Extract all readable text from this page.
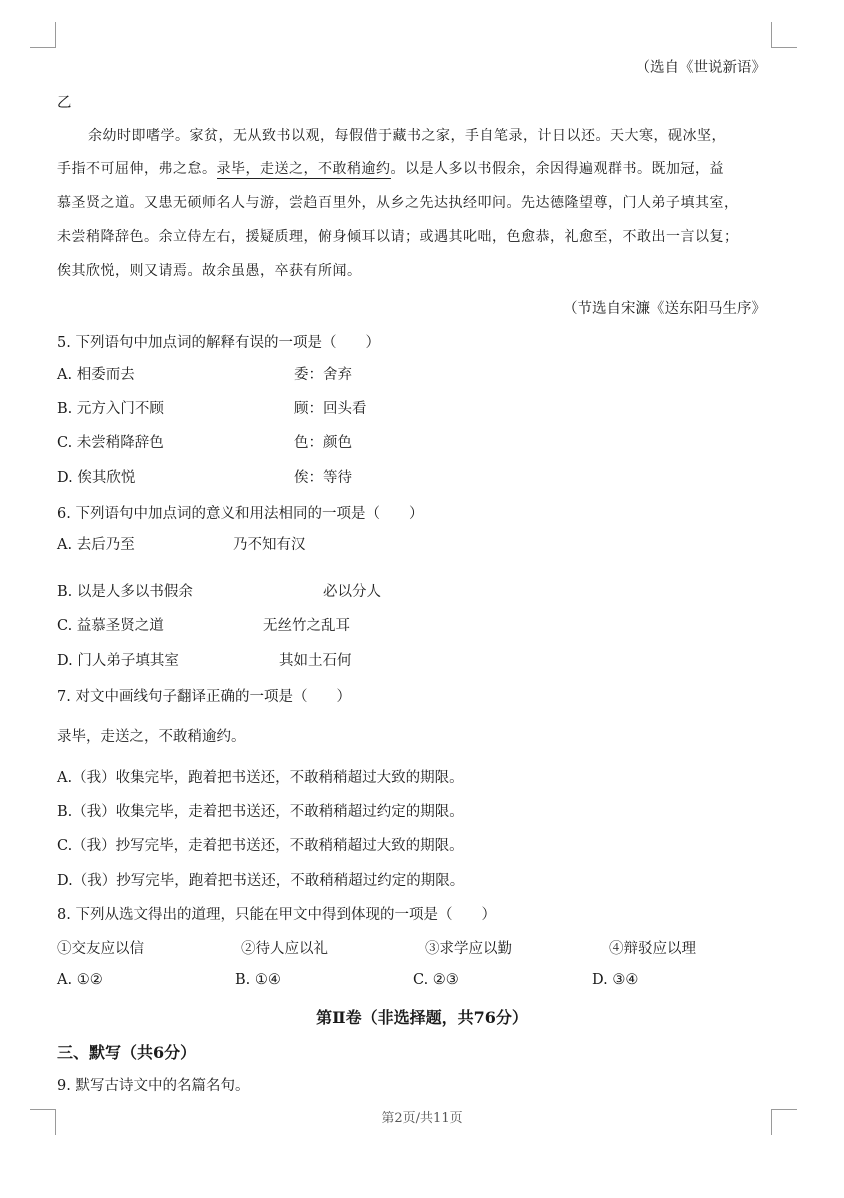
（选自《世说新语》
乙
余幼时即嗜学。家贫，无从致书以观，每假借于藏书之家，手自笔录，计日以还。天大寒，砚冰坚，
手指不可屈伸，弗之怠。录毕，走送之，不敢稍逾约。以是人多以书假余，余因得遍观群书。既加冠，益
慕圣贤之道。又患无硕师名人与游，尝趋百里外，从乡之先达执经叩问。先达德隆望尊，门人弟子填其室，
未尝稍降辞色。余立侍左右，援疑质理，俯身倾耳以请；或遇其叱咄，色愈恭，礼愈至，不敢出一言以复；
俟其欣悦，则又请焉。故余虽愚，卒获有所闻。
（节选自宋濂《送东阳马生序》
5. 下列语句中加点词的解释有误的一项是（　　）
A. 相委而去	委：舍弃
B. 元方入门不顾	顾：回头看
C. 未尝稍降辞色	色：颜色
D. 俟其欣悦	俟：等待
6. 下列语句中加点词的意义和用法相同的一项是（　　）
A. 去后乃至	乃不知有汉
B. 以是人多以书假余	必以分人
C. 益慕圣贤之道	无丝竹之乱耳
D. 门人弟子填其室	其如土石何
7. 对文中画线句子翻译正确的一项是（　　）
录毕，走送之，不敢稍逾约。
A.（我）收集完毕，跑着把书送还，不敢稍稍超过大致的期限。
B.（我）收集完毕，走着把书送还，不敢稍稍超过约定的期限。
C.（我）抄写完毕，走着把书送还，不敢稍稍超过大致的期限。
D.（我）抄写完毕，跑着把书送还，不敢稍稍超过约定的期限。
8. 下列从选文得出的道理，只能在甲文中得到体现的一项是（　　）
①交友应以信	②待人应以礼	③求学应以勤	④辩驳应以理
A. ①②	B. ①④	C. ②③	D. ③④
第Ⅱ卷（非选择题，共76分）
三、默写（共6分）
9. 默写古诗文中的名篇名句。
第2页/共11页
